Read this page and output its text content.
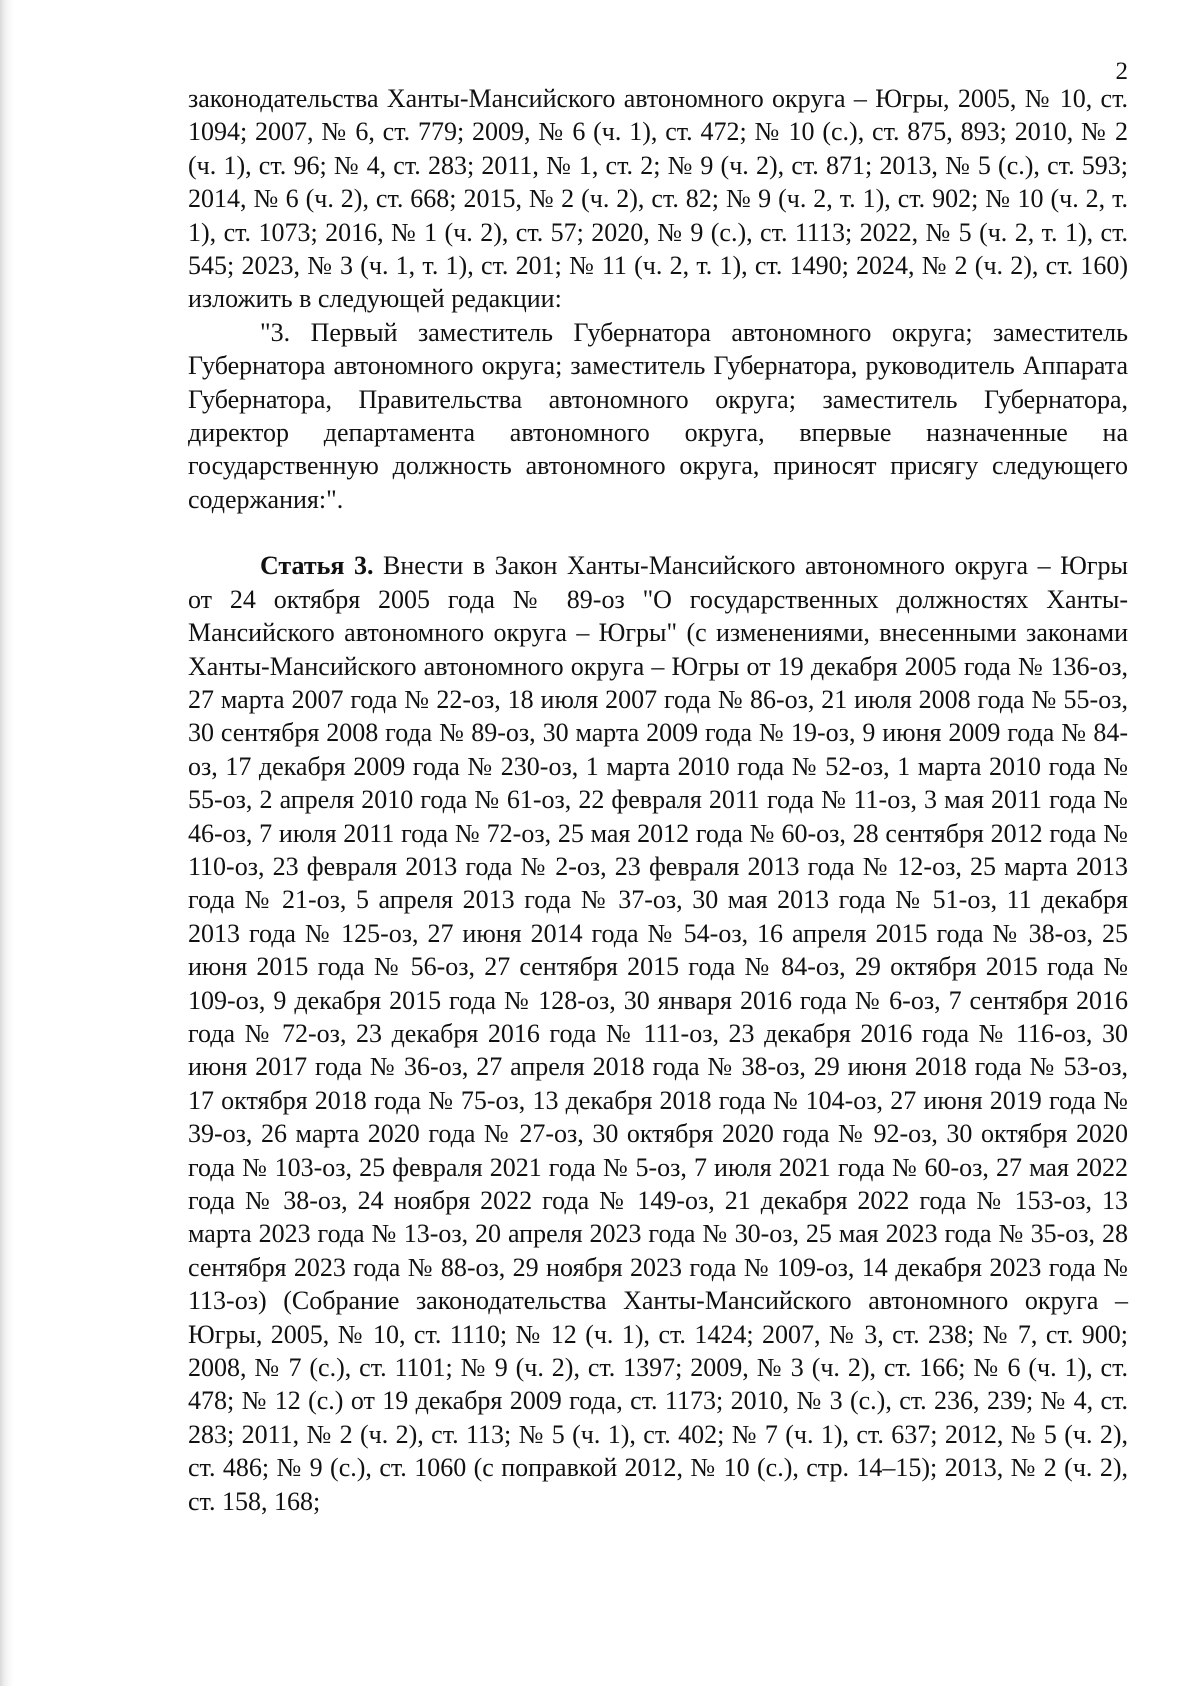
2

законодательства Ханты-Мансийского автономного округа – Югры, 2005, № 10, ст. 1094; 2007, № 6, ст. 779; 2009, № 6 (ч. 1), ст. 472; № 10 (с.), ст. 875, 893; 2010, № 2 (ч. 1), ст. 96; № 4, ст. 283; 2011, № 1, ст. 2; № 9 (ч. 2), ст. 871; 2013, № 5 (с.), ст. 593; 2014, № 6 (ч. 2), ст. 668; 2015, № 2 (ч. 2), ст. 82; № 9 (ч. 2, т. 1), ст. 902; № 10 (ч. 2, т. 1), ст. 1073; 2016, № 1 (ч. 2), ст. 57; 2020, № 9 (с.), ст. 1113; 2022, № 5 (ч. 2, т. 1), ст. 545; 2023, № 3 (ч. 1, т. 1), ст. 201; № 11 (ч. 2, т. 1), ст. 1490; 2024, № 2 (ч. 2), ст. 160) изложить в следующей редакции:

"3. Первый заместитель Губернатора автономного округа; заместитель Губернатора автономного округа; заместитель Губернатора, руководитель Аппарата Губернатора, Правительства автономного округа; заместитель Губернатора, директор департамента автономного округа, впервые назначенные на государственную должность автономного округа, приносят присягу следующего содержания:".

Статья 3. Внести в Закон Ханты-Мансийского автономного округа – Югры от 24 октября 2005 года № 89-оз "О государственных должностях Ханты-Мансийского автономного округа – Югры" (с изменениями, внесенными законами Ханты-Мансийского автономного округа – Югры от 19 декабря 2005 года № 136-оз, 27 марта 2007 года № 22-оз, 18 июля 2007 года № 86-оз, 21 июля 2008 года № 55-оз, 30 сентября 2008 года № 89-оз, 30 марта 2009 года № 19-оз, 9 июня 2009 года № 84-оз, 17 декабря 2009 года № 230-оз, 1 марта 2010 года № 52-оз, 1 марта 2010 года № 55-оз, 2 апреля 2010 года № 61-оз, 22 февраля 2011 года № 11-оз, 3 мая 2011 года № 46-оз, 7 июля 2011 года № 72-оз, 25 мая 2012 года № 60-оз, 28 сентября 2012 года № 110-оз, 23 февраля 2013 года № 2-оз, 23 февраля 2013 года № 12-оз, 25 марта 2013 года № 21-оз, 5 апреля 2013 года № 37-оз, 30 мая 2013 года № 51-оз, 11 декабря 2013 года № 125-оз, 27 июня 2014 года № 54-оз, 16 апреля 2015 года № 38-оз, 25 июня 2015 года № 56-оз, 27 сентября 2015 года № 84-оз, 29 октября 2015 года № 109-оз, 9 декабря 2015 года № 128-оз, 30 января 2016 года № 6-оз, 7 сентября 2016 года № 72-оз, 23 декабря 2016 года № 111-оз, 23 декабря 2016 года № 116-оз, 30 июня 2017 года № 36-оз, 27 апреля 2018 года № 38-оз, 29 июня 2018 года № 53-оз, 17 октября 2018 года № 75-оз, 13 декабря 2018 года № 104-оз, 27 июня 2019 года № 39-оз, 26 марта 2020 года № 27-оз, 30 октября 2020 года № 92-оз, 30 октября 2020 года № 103-оз, 25 февраля 2021 года № 5-оз, 7 июля 2021 года № 60-оз, 27 мая 2022 года № 38-оз, 24 ноября 2022 года № 149-оз, 21 декабря 2022 года № 153-оз, 13 марта 2023 года № 13-оз, 20 апреля 2023 года № 30-оз, 25 мая 2023 года № 35-оз, 28 сентября 2023 года № 88-оз, 29 ноября 2023 года № 109-оз, 14 декабря 2023 года № 113-оз) (Собрание законодательства Ханты-Мансийского автономного округа – Югры, 2005, № 10, ст. 1110; № 12 (ч. 1), ст. 1424; 2007, № 3, ст. 238; № 7, ст. 900; 2008, № 7 (с.), ст. 1101; № 9 (ч. 2), ст. 1397; 2009, № 3 (ч. 2), ст. 166; № 6 (ч. 1), ст. 478; № 12 (с.) от 19 декабря 2009 года, ст. 1173; 2010, № 3 (с.), ст. 236, 239; № 4, ст. 283; 2011, № 2 (ч. 2), ст. 113; № 5 (ч. 1), ст. 402; № 7 (ч. 1), ст. 637; 2012, № 5 (ч. 2), ст. 486; № 9 (с.), ст. 1060 (с поправкой 2012, № 10 (с.), стр. 14–15); 2013, № 2 (ч. 2), ст. 158, 168;
